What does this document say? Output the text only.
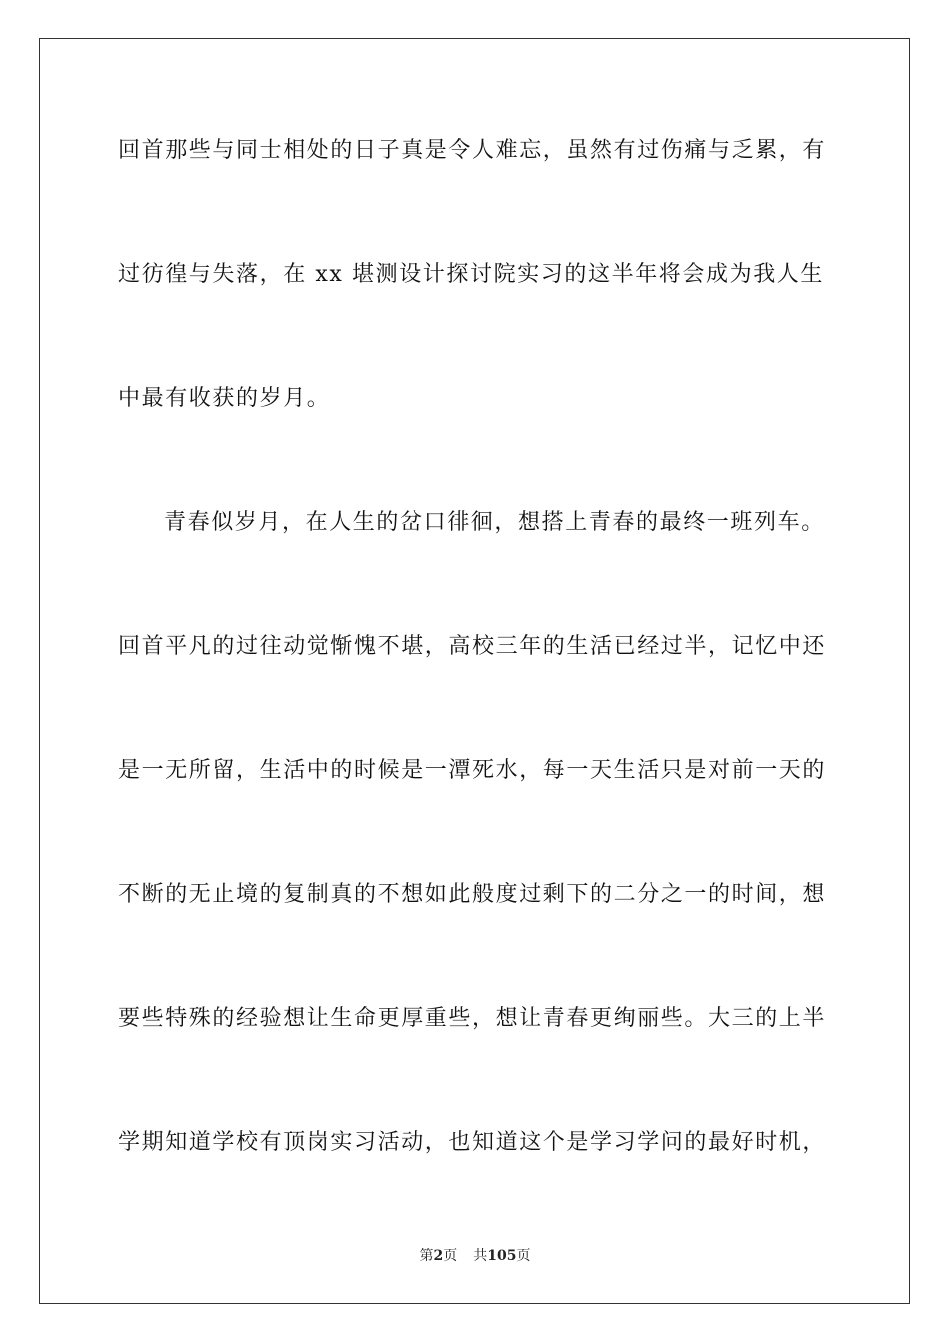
回首那些与同士相处的日子真是令人难忘，虽然有过伤痛与乏累，有
过彷徨与失落，在 xx 堪测设计探讨院实习的这半年将会成为我人生
中最有收获的岁月。
青春似岁月，在人生的岔口徘徊，想搭上青春的最终一班列车。
回首平凡的过往动觉惭愧不堪，高校三年的生活已经过半，记忆中还
是一无所留，生活中的时候是一潭死水，每一天生活只是对前一天的
不断的无止境的复制真的不想如此般度过剩下的二分之一的时间，想
要些特殊的经验想让生命更厚重些，想让青春更绚丽些。大三的上半
学期知道学校有顶岗实习活动，也知道这个是学习学问的最好时机，
第2页 共105页
